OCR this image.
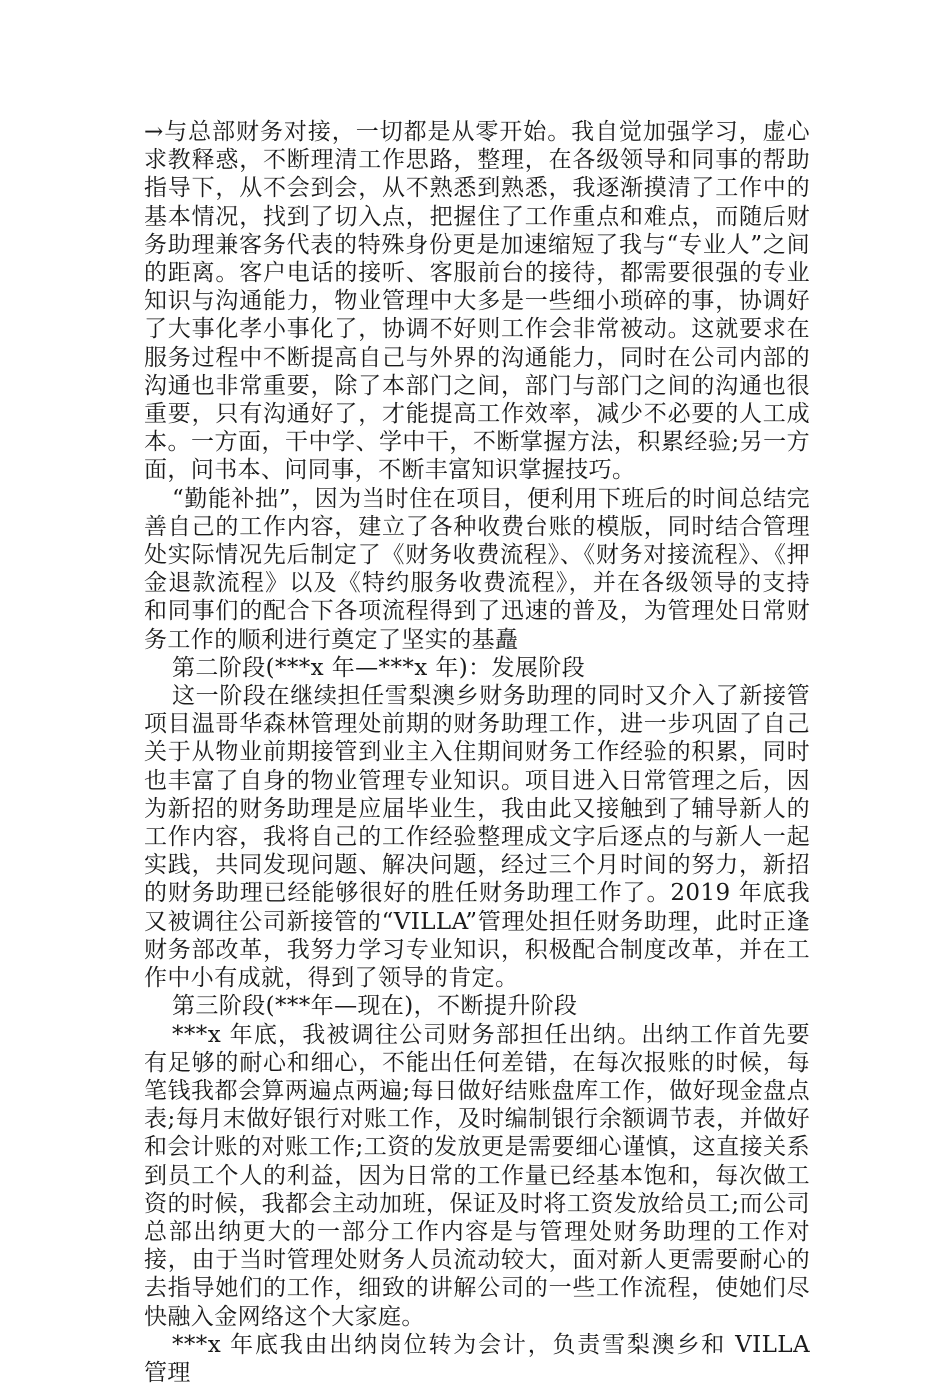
→与总部财务对接，一切都是从零开始。我自觉加强学习，虚心求教释惑，不断理清工作思路，整理，在各级领导和同事的帮助指导下，从不会到会，从不熟悉到熟悉，我逐渐摸清了工作中的基本情况，找到了切入点，把握住了工作重点和难点，而随后财务助理兼客务代表的特殊身份更是加速缩短了我与“专业人”之间的距离。客户电话的接听、客服前台的接待，都需要很强的专业知识与沟通能力，物业管理中大多是一些细小琐碎的事，协调好了大事化孝小事化了，协调不好则工作会非常被动。这就要求在服务过程中不断提高自己与外界的沟通能力，同时在公司内部的沟通也非常重要，除了本部门之间，部门与部门之间的沟通也很重要，只有沟通好了，才能提高工作效率，减少不必要的人工成本。一方面，干中学、学中干，不断掌握方法，积累经验;另一方面，问书本、问同事，不断丰富知识掌握技巧。

“勤能补拙”，因为当时住在项目，便利用下班后的时间总结完善自己的工作内容，建立了各种收费台账的模版，同时结合管理处实际情况先后制定了《财务收费流程》、《财务对接流程》、《押金退款流程》以及《特约服务收费流程》，并在各级领导的支持和同事们的配合下各项流程得到了迅速的普及，为管理处日常财务工作的顺利进行奠定了坚实的基矗

第二阶段(***x 年—***x 年)：发展阶段

这一阶段在继续担任雪梨澳乡财务助理的同时又介入了新接管项目温哥华森林管理处前期的财务助理工作，进一步巩固了自己关于从物业前期接管到业主入住期间财务工作经验的积累，同时也丰富了自身的物业管理专业知识。项目进入日常管理之后，因为新招的财务助理是应届毕业生，我由此又接触到了辅导新人的工作内容，我将自己的工作经验整理成文字后逐点的与新人一起实践，共同发现问题、解决问题，经过三个月时间的努力，新招的财务助理已经能够很好的胜任财务助理工作了。2019 年底我又被调往公司新接管的“VILLA”管理处担任财务助理，此时正逢财务部改革，我努力学习专业知识，积极配合制度改革，并在工作中小有成就，得到了领导的肯定。

第三阶段(***年—现在)，不断提升阶段

***x 年底，我被调往公司财务部担任出纳。出纳工作首先要有足够的耐心和细心，不能出任何差错，在每次报账的时候，每笔钱我都会算两遍点两遍;每日做好结账盘库工作，做好现金盘点表;每月末做好银行对账工作，及时编制银行余额调节表，并做好和会计账的对账工作;工资的发放更是需要细心谨慎，这直接关系到员工个人的利益，因为日常的工作量已经基本饱和，每次做工资的时候，我都会主动加班，保证及时将工资发放给员工;而公司总部出纳更大的一部分工作内容是与管理处财务助理的工作对接，由于当时管理处财务人员流动较大，面对新人更需要耐心的去指导她们的工作，细致的讲解公司的一些工作流程，使她们尽快融入金网络这个大家庭。

***x 年底我由出纳岗位转为会计，负责雪梨澳乡和 VILLA 管理
